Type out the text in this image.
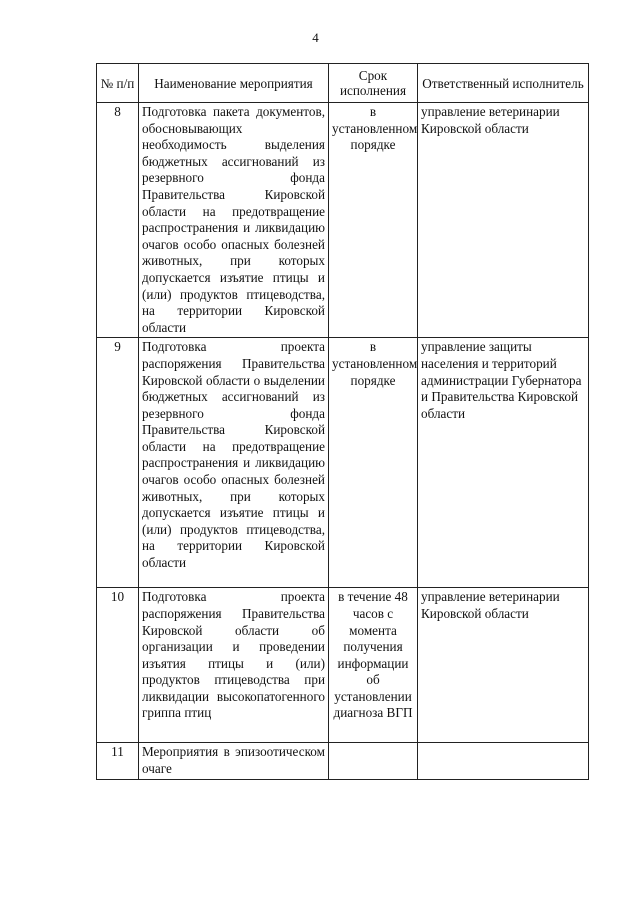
4
№ п/п	Наименование мероприятия	Срок исполнения	Ответственный исполнитель
8	Подготовка пакета документов, обосновывающих необходимость выделения бюджетных ассигнований из резервного фонда Правительства Кировской области на предотвращение распространения и ликвидацию очагов особо опасных болезней животных, при которых допускается изъятие птицы и (или) продуктов птицеводства, на территории Кировской области	в установленном порядке	управление ветеринарии Кировской области
9	Подготовка проекта распоряжения Правительства Кировской области о выделении бюджетных ассигнований из резервного фонда Правительства Кировской области на предотвращение распространения и ликвидацию очагов особо опасных болезней животных, при которых допускается изъятие птицы и (или) продуктов птицеводства, на территории Кировской области	в установленном порядке	управление защиты населения и территорий администрации Губернатора и Правительства Кировской области
10	Подготовка проекта распоряжения Правительства Кировской области об организации и проведении изъятия птицы и (или) продуктов птицеводства при ликвидации высокопатогенного гриппа птиц	в течение 48 часов с момента получения информации об установлении диагноза ВГП	управление ветеринарии Кировской области
11	Мероприятия в эпизоотическом очаге		
